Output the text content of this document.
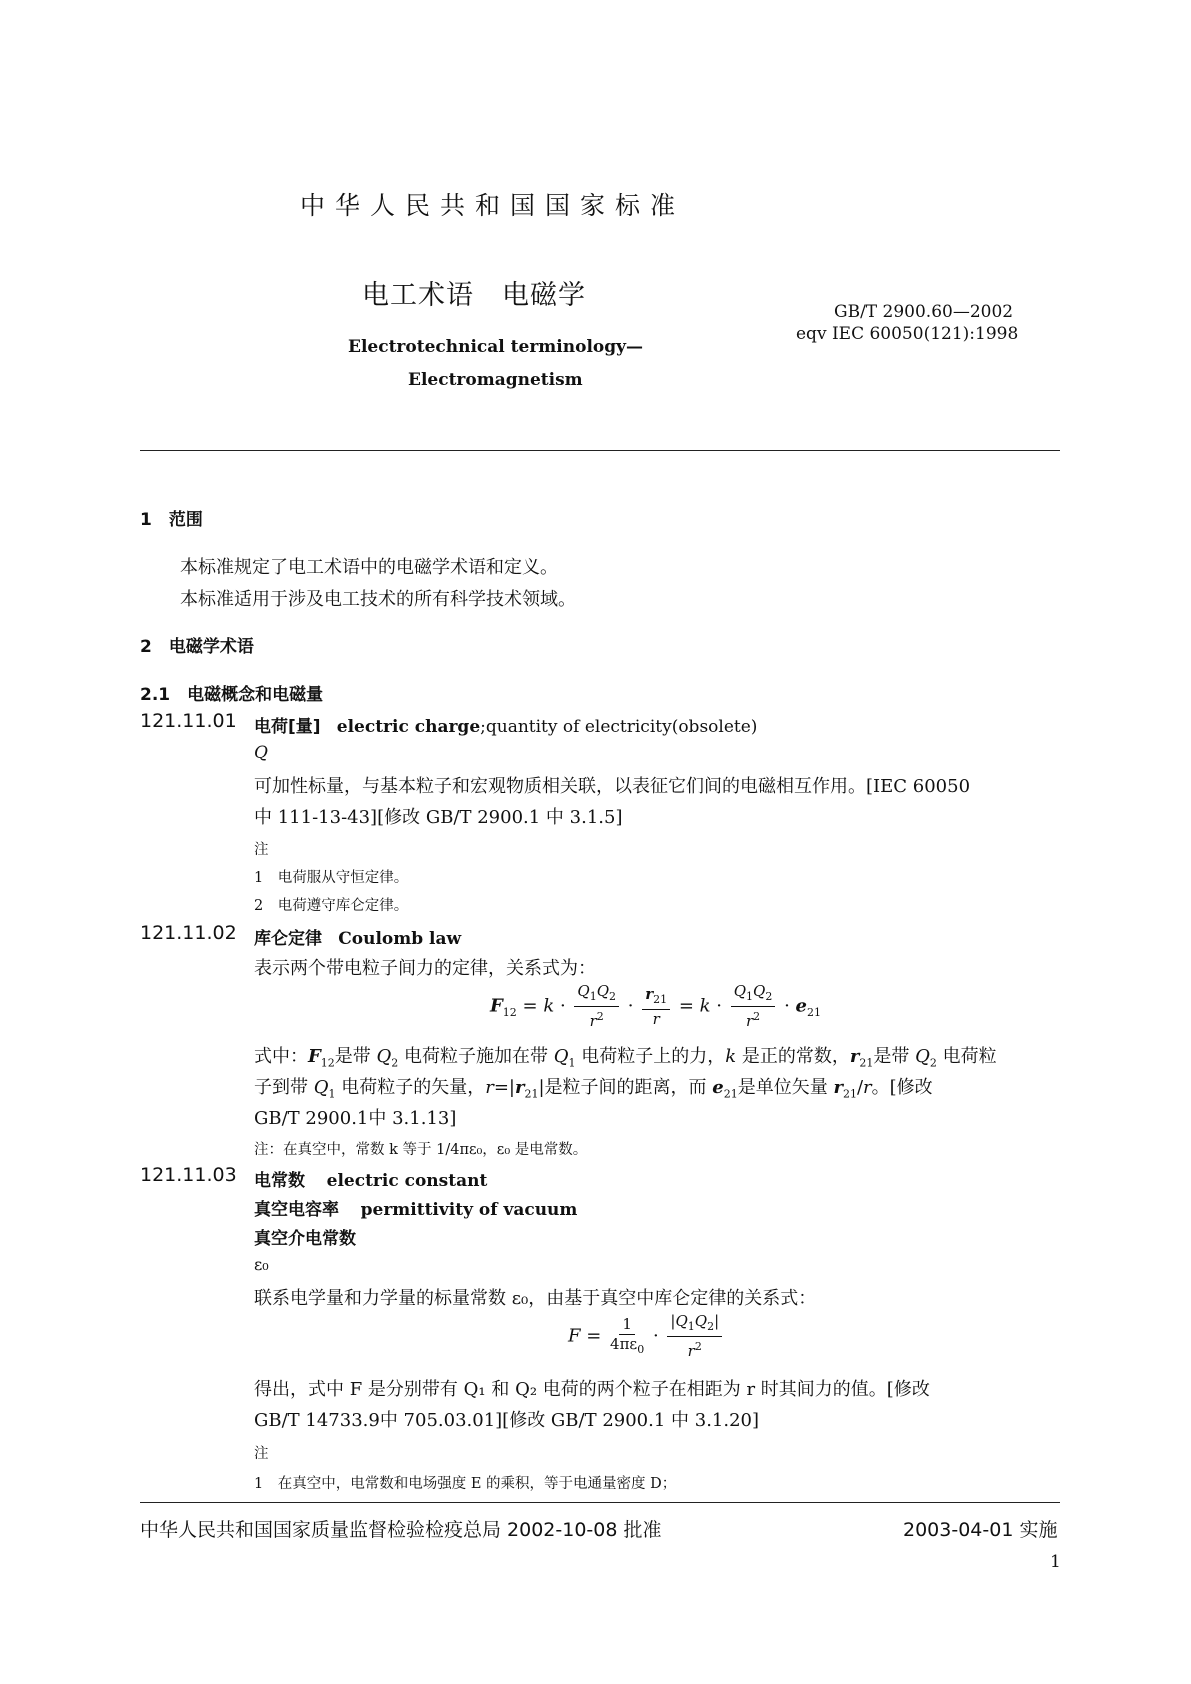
中华人民共和国国家标准
电工术语　电磁学
Electrotechnical terminology—
Electromagnetism
GB/T 2900.60—2002
eqv IEC 60050(121):1998
1　范围
本标准规定了电工术语中的电磁学术语和定义。
本标准适用于涉及电工技术的所有科学技术领域。
2　电磁学术语
2.1　电磁概念和电磁量
121.11.01 电荷[量] electric charge;quantity of electricity(obsolete)
Q
可加性标量，与基本粒子和宏观物质相关联，以表征它们间的电磁相互作用。[IEC 60050
中 111-13-43][修改 GB/T 2900.1 中 3.1.5]
注
1　电荷服从守恒定律。
2　电荷遵守库仑定律。
121.11.02 库仑定律 Coulomb law
表示两个带电粒子间力的定律，关系式为：
$F_{12} = k \cdot \frac{Q_1Q_2}{r^2} \cdot \frac{r_{21}}{r} = k \cdot \frac{Q_1Q_2}{r^2} \cdot e_{21}$
式中：$F_{12}$是带 $Q_2$ 电荷粒子施加在带 $Q_1$ 电荷粒子上的力，k 是正的常数，$r_{21}$是带 $Q_2$ 电荷粒
子到带 $Q_1$ 电荷粒子的矢量，$r=|r_{21}|$是粒子间的距离，而 $e_{21}$是单位矢量 $r_{21}/r$。[修改
GB/T 2900.1中 3.1.13]
注：在真空中，常数 k 等于 1/4πε₀，ε₀ 是电常数。
121.11.03 电常数 electric constant
真空电容率 permittivity of vacuum
真空介电常数
ε₀
联系电学量和力学量的标量常数 ε₀，由基于真空中库仑定律的关系式：
$F = \frac{1}{4\pi\varepsilon_0} \cdot \frac{|Q_1Q_2|}{r^2}$
得出，式中 F 是分别带有 Q₁ 和 Q₂ 电荷的两个粒子在相距为 r 时其间力的值。[修改
GB/T 14733.9中 705.03.01][修改 GB/T 2900.1 中 3.1.20]
注
1　在真空中，电常数和电场强度 E 的乘积，等于电通量密度 D；
中华人民共和国国家质量监督检验检疫总局 2002-10-08 批准	2003-04-01 实施
1
